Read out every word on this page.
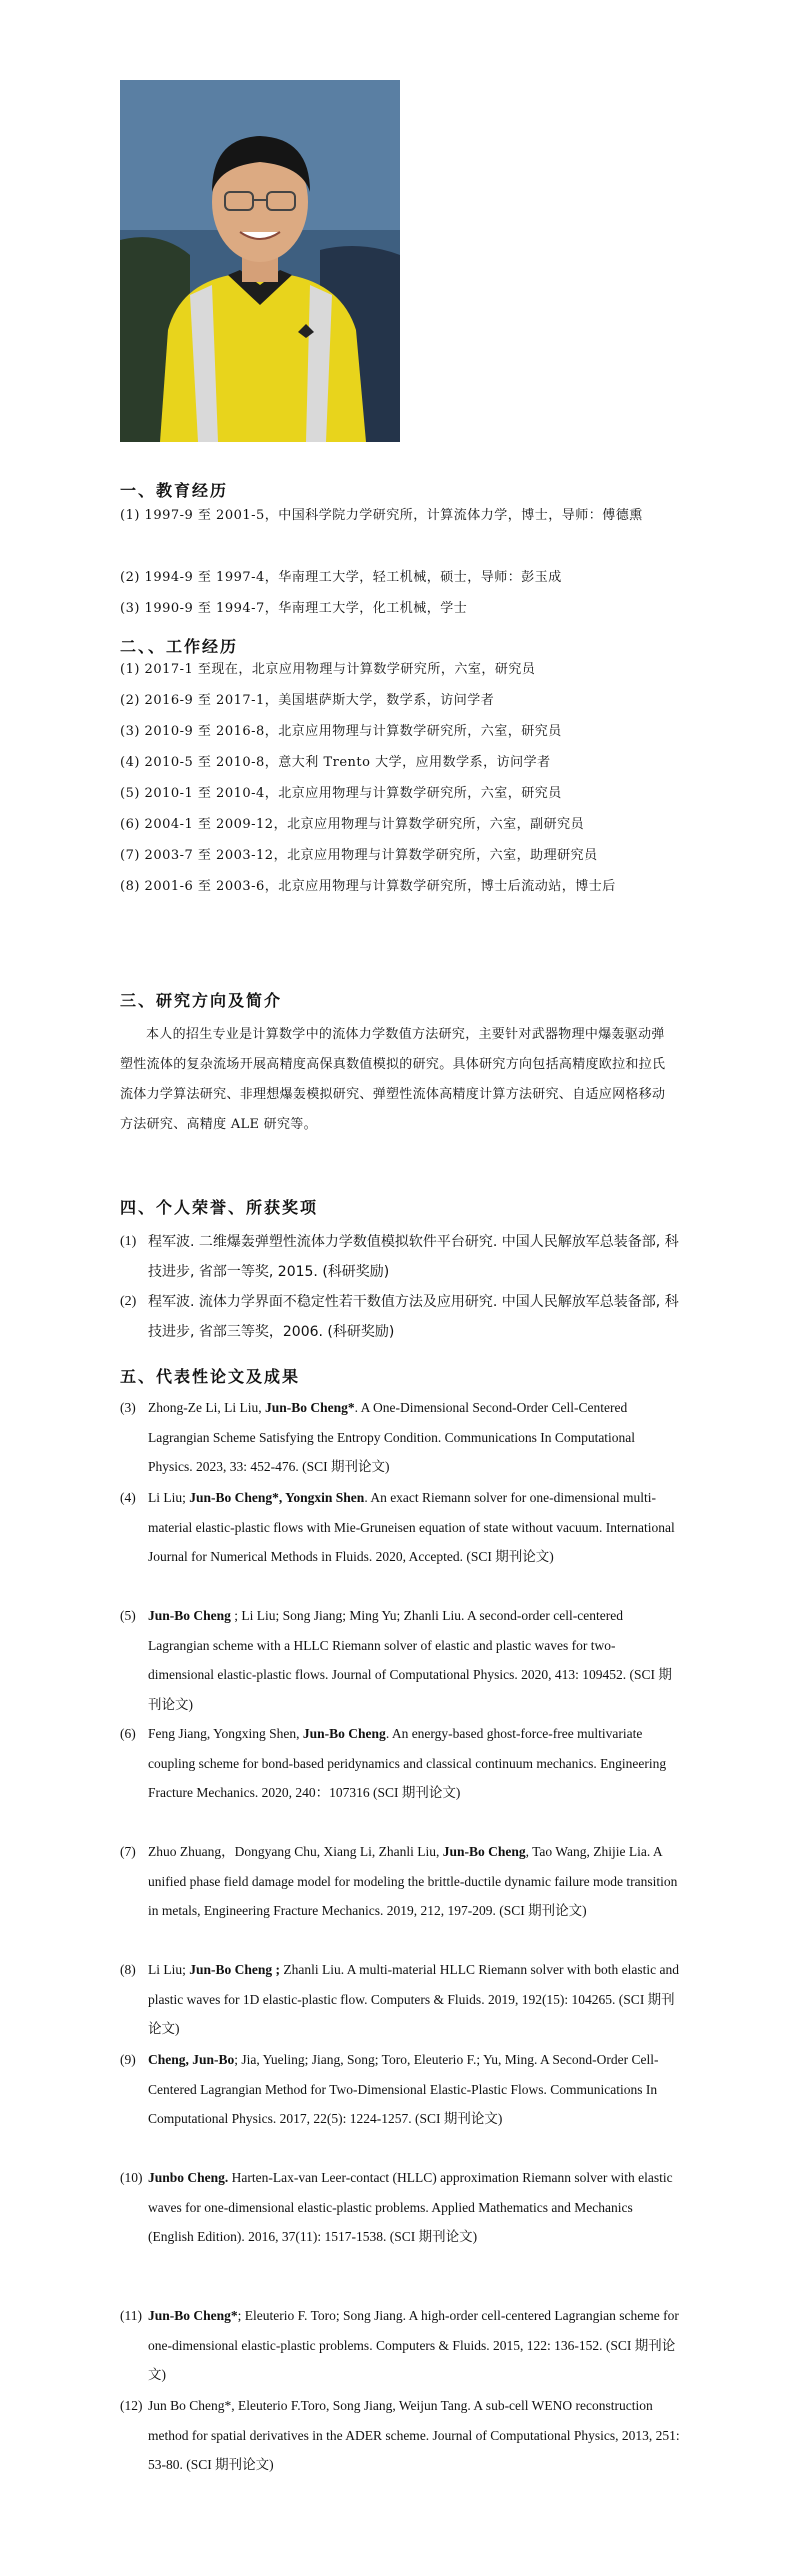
一、教育经历
(1) 1997-9 至 2001-5，中国科学院力学研究所，计算流体力学，博士，导师：傅德熏
(2) 1994-9 至 1997-4，华南理工大学，轻工机械，硕士，导师：彭玉成
(3) 1990-9 至 1994-7，华南理工大学，化工机械，学士
二、、工作经历
(1) 2017-1 至现在，北京应用物理与计算数学研究所，六室，研究员
(2) 2016-9 至 2017-1，美国堪萨斯大学，数学系，访问学者
(3) 2010-9 至 2016-8，北京应用物理与计算数学研究所，六室，研究员
(4) 2010-5 至 2010-8，意大利 Trento 大学，应用数学系，访问学者
(5) 2010-1 至 2010-4，北京应用物理与计算数学研究所，六室，研究员
(6) 2004-1 至 2009-12，北京应用物理与计算数学研究所，六室，副研究员
(7) 2003-7 至 2003-12，北京应用物理与计算数学研究所，六室，助理研究员
(8) 2001-6 至 2003-6，北京应用物理与计算数学研究所，博士后流动站，博士后
三、研究方向及简介
本人的招生专业是计算数学中的流体力学数值方法研究，主要针对武器物理中爆轰驱动弹塑性流体的复杂流场开展高精度高保真数值模拟的研究。具体研究方向包括高精度欧拉和拉氏流体力学算法研究、非理想爆轰模拟研究、弹塑性流体高精度计算方法研究、自适应网格移动方法研究、高精度 ALE 研究等。
四、个人荣誉、所获奖项
(1) 程军波. 二维爆轰弹塑性流体力学数值模拟软件平台研究. 中国人民解放军总装备部, 科技进步, 省部一等奖, 2015. (科研奖励)
(2) 程军波. 流体力学界面不稳定性若干数值方法及应用研究. 中国人民解放军总装备部, 科技进步, 省部三等奖，2006. (科研奖励)
五、代表性论文及成果
(3) Zhong-Ze Li, Li Liu, Jun-Bo Cheng*. A One-Dimensional Second-Order Cell-Centered Lagrangian Scheme Satisfying the Entropy Condition. Communications In Computational Physics. 2023, 33: 452-476. (SCI 期刊论文)
(4) Li Liu; Jun-Bo Cheng*, Yongxin Shen. An exact Riemann solver for one-dimensional multi-material elastic-plastic flows with Mie-Gruneisen equation of state without vacuum. International Journal for Numerical Methods in Fluids. 2020, Accepted. (SCI 期刊论文)
(5) Jun-Bo Cheng ; Li Liu; Song Jiang; Ming Yu; Zhanli Liu. A second-order cell-centered Lagrangian scheme with a HLLC Riemann solver of elastic and plastic waves for two-dimensional elastic-plastic flows. Journal of Computational Physics. 2020, 413: 109452. (SCI 期刊论文)
(6) Feng Jiang, Yongxing Shen, Jun-Bo Cheng. An energy-based ghost-force-free multivariate coupling scheme for bond-based peridynamics and classical continuum mechanics. Engineering Fracture Mechanics. 2020, 240：107316 (SCI 期刊论文)
(7) Zhuo Zhuang，Dongyang Chu, Xiang Li, Zhanli Liu, Jun-Bo Cheng, Tao Wang, Zhijie Lia. A unified phase field damage model for modeling the brittle-ductile dynamic failure mode transition in metals, Engineering Fracture Mechanics. 2019, 212, 197-209. (SCI 期刊论文)
(8) Li Liu; Jun-Bo Cheng ; Zhanli Liu. A multi-material HLLC Riemann solver with both elastic and plastic waves for 1D elastic-plastic flow. Computers & Fluids. 2019, 192(15): 104265. (SCI 期刊论文)
(9) Cheng, Jun-Bo; Jia, Yueling; Jiang, Song; Toro, Eleuterio F.; Yu, Ming. A Second-Order Cell-Centered Lagrangian Method for Two-Dimensional Elastic-Plastic Flows. Communications In Computational Physics. 2017, 22(5): 1224-1257. (SCI 期刊论文)
(10) Junbo Cheng. Harten-Lax-van Leer-contact (HLLC) approximation Riemann solver with elastic waves for one-dimensional elastic-plastic problems. Applied Mathematics and Mechanics (English Edition). 2016, 37(11): 1517-1538. (SCI 期刊论文)
(11) Jun-Bo Cheng*; Eleuterio F. Toro; Song Jiang. A high-order cell-centered Lagrangian scheme for one-dimensional elastic-plastic problems. Computers & Fluids. 2015, 122: 136-152. (SCI 期刊论文)
(12) Jun Bo Cheng*, Eleuterio F.Toro, Song Jiang, Weijun Tang. A sub-cell WENO reconstruction method for spatial derivatives in the ADER scheme. Journal of Computational Physics, 2013, 251: 53-80. (SCI 期刊论文)
